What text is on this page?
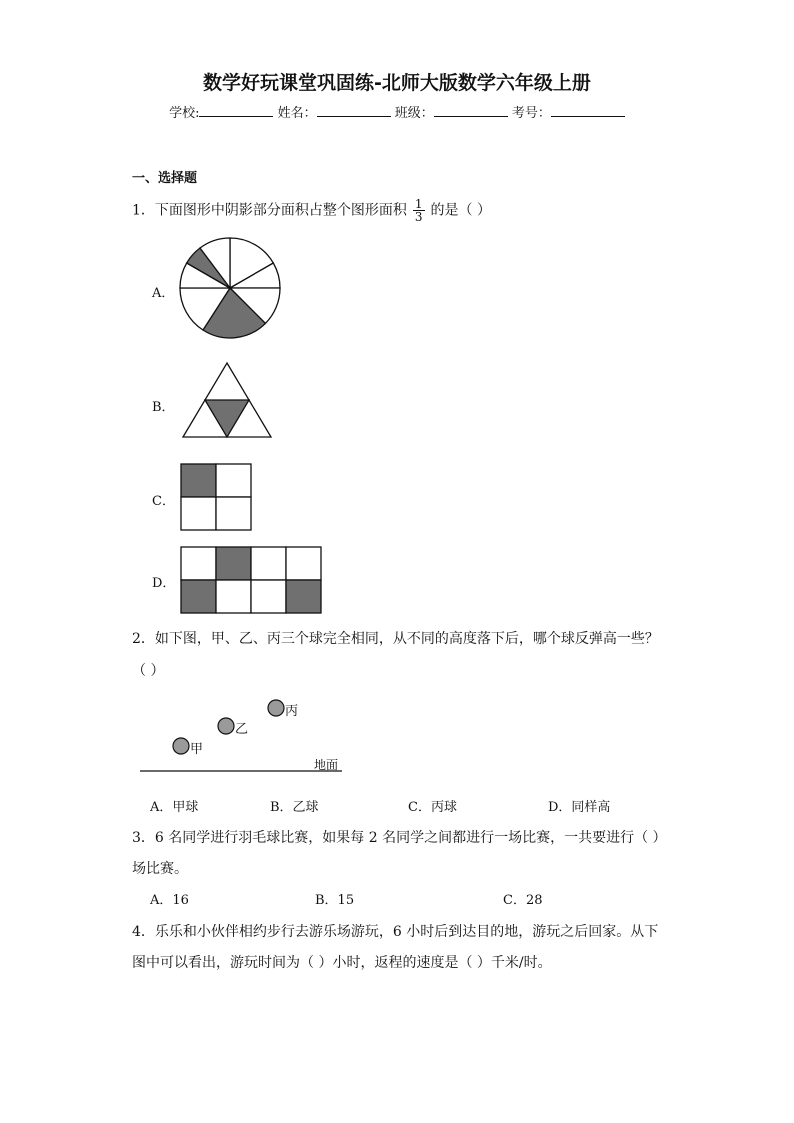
数学好玩课堂巩固练-北师大版数学六年级上册
学校:	姓名：	班级：	考号：
一、选择题
1．下面图形中阴影部分面积占整个图形面积 $\frac{1}{3}$ 的是（ ）
A．
B．
C．
D．
2．如下图，甲、乙、丙三个球完全相同，从不同的高度落下后，哪个球反弹高一些？
（ ）
甲
乙
丙
地面
A．甲球	B．乙球	C．丙球	D．同样高
3．6 名同学进行羽毛球比赛，如果每 2 名同学之间都进行一场比赛，一共要进行（ ）
场比赛。
A．16	B．15	C．28
4．乐乐和小伙伴相约步行去游乐场游玩，6 小时后到达目的地，游玩之后回家。从下
图中可以看出，游玩时间为（ ）小时，返程的速度是（ ）千米/时。
